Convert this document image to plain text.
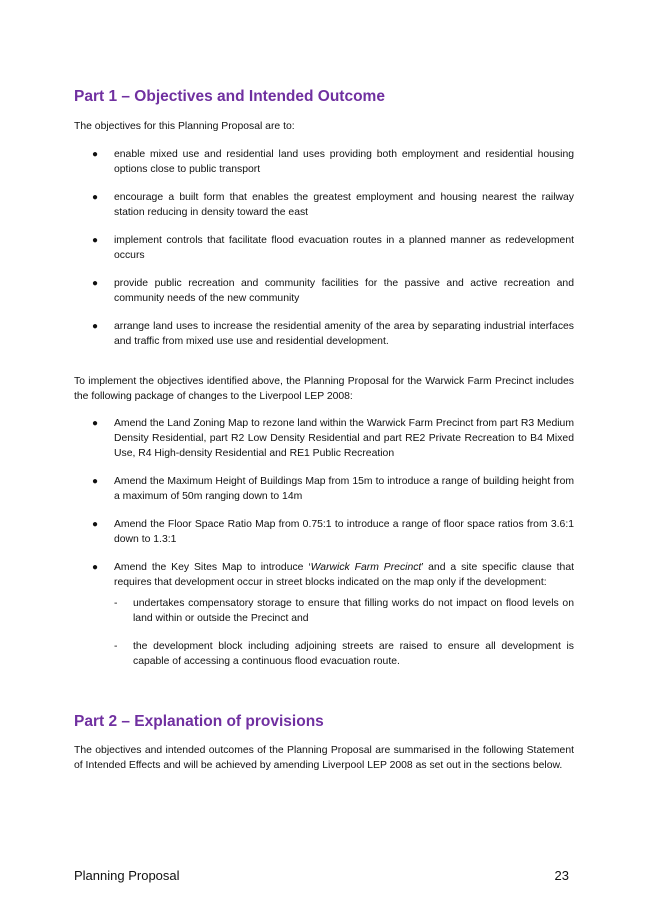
Part 1 – Objectives and Intended Outcome

The objectives for this Planning Proposal are to:

● enable mixed use and residential land uses providing both employment and residential housing options close to public transport
● encourage a built form that enables the greatest employment and housing nearest the railway station reducing in density toward the east
● implement controls that facilitate flood evacuation routes in a planned manner as redevelopment occurs
● provide public recreation and community facilities for the passive and active recreation and community needs of the new community
● arrange land uses to increase the residential amenity of the area by separating industrial interfaces and traffic from mixed use use and residential development.

To implement the objectives identified above, the Planning Proposal for the Warwick Farm Precinct includes the following package of changes to the Liverpool LEP 2008:

● Amend the Land Zoning Map to rezone land within the Warwick Farm Precinct from part R3 Medium Density Residential, part R2 Low Density Residential and part RE2 Private Recreation to B4 Mixed Use, R4 High-density Residential and RE1 Public Recreation
● Amend the Maximum Height of Buildings Map from 15m to introduce a range of building height from a maximum of 50m ranging down to 14m
● Amend the Floor Space Ratio Map from 0.75:1 to introduce a range of floor space ratios from 3.6:1 down to 1.3:1
● Amend the Key Sites Map to introduce ‘Warwick Farm Precinct’ and a site specific clause that requires that development occur in street blocks indicated on the map only if the development:
- undertakes compensatory storage to ensure that filling works do not impact on flood levels on land within or outside the Precinct and
- the development block including adjoining streets are raised to ensure all development is capable of accessing a continuous flood evacuation route.
Part 2 – Explanation of provisions

The objectives and intended outcomes of the Planning Proposal are summarised in the following Statement of Intended Effects and will be achieved by amending Liverpool LEP 2008 as set out in the sections below.

Planning Proposal	23
